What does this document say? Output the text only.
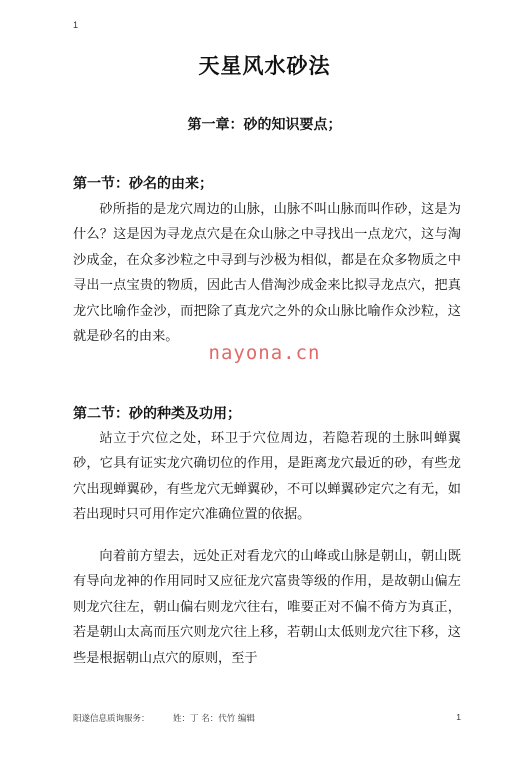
1
天星风水砂法
第一章：砂的知识要点；
第一节：砂名的由来；

砂所指的是龙穴周边的山脉，山脉不叫山脉而叫作砂，这是为什么？这是因为寻龙点穴是在众山脉之中寻找出一点龙穴，这与淘沙成金，在众多沙粒之中寻到与沙极为相似，都是在众多物质之中寻出一点宝贵的物质，因此古人借淘沙成金来比拟寻龙点穴，把真龙穴比喻作金沙，而把除了真龙穴之外的众山脉比喻作众沙粒，这就是砂名的由来。

nayona.cn
第二节：砂的种类及功用；

站立于穴位之处，环卫于穴位周边，若隐若现的土脉叫蝉翼砂，它具有证实龙穴确切位的作用，是距离龙穴最近的砂，有些龙穴出现蝉翼砂，有些龙穴无蝉翼砂，不可以蝉翼砂定穴之有无，如若出现时只可用作定穴准确位置的依据。

向着前方望去，远处正对看龙穴的山峰或山脉是朝山，朝山既有导向龙神的作用同时又应征龙穴富贵等级的作用，是故朝山偏左则龙穴往左，朝山偏右则龙穴往右，唯要正对不偏不倚方为真正，若是朝山太高而压穴则龙穴往上移，若朝山太低则龙穴往下移，这些是根据朝山点穴的原则，至于

阳遂信息质询服务：	姓：丁 名：代竹 编辑	1
